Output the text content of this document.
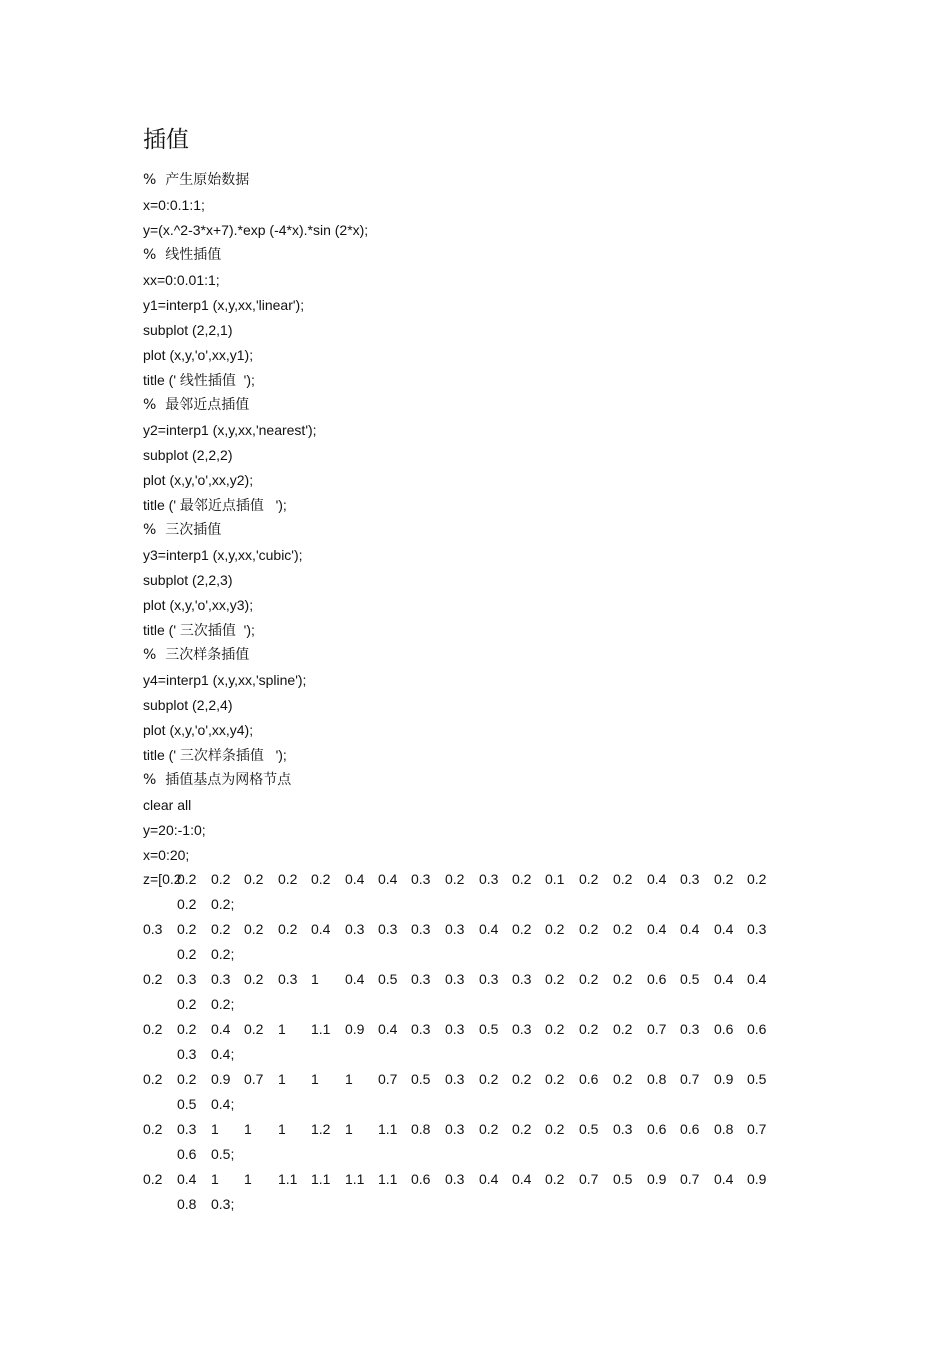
插值
%  产生原始数据
x=0:0.1:1;
y=(x.^2-3*x+7).*exp (-4*x).*sin (2*x);
%  线性插值
xx=0:0.01:1;
y1=interp1 (x,y,xx,'linear');
subplot (2,2,1)
plot (x,y,'o',xx,y1);
title (' 线性插值  ');
%  最邻近点插值
y2=interp1 (x,y,xx,'nearest');
subplot (2,2,2)
plot (x,y,'o',xx,y2);
title (' 最邻近点插值   ');
%  三次插值
y3=interp1 (x,y,xx,'cubic');
subplot (2,2,3)
plot (x,y,'o',xx,y3);
title (' 三次插值  ');
%  三次样条插值
y4=interp1 (x,y,xx,'spline');
subplot (2,2,4)
plot (x,y,'o',xx,y4);
title (' 三次样条插值   ');
%  插值基点为网格节点
clear all
y=20:-1:0;
x=0:20;
z=[0.2
0.2 0.2 0.2 0.2 0.2 0.4 0.4 0.3 0.2 0.3 0.2 0.1 0.2 0.2 0.4 0.3 0.2 0.2
0.2 0.2;
0.3 0.2 0.2 0.2 0.2 0.4 0.3 0.3 0.3 0.3 0.4 0.2 0.2 0.2 0.2 0.4 0.4 0.4 0.3
0.2 0.2;
0.2 0.3 0.3 0.2 0.3 1 0.4 0.5 0.3 0.3 0.3 0.3 0.2 0.2 0.2 0.6 0.5 0.4 0.4
0.2 0.2;
0.2 0.2 0.4 0.2 1 1.1 0.9 0.4 0.3 0.3 0.5 0.3 0.2 0.2 0.2 0.7 0.3 0.6 0.6
0.3 0.4;
0.2 0.2 0.9 0.7 1 1 1 0.7 0.5 0.3 0.2 0.2 0.2 0.6 0.2 0.8 0.7 0.9 0.5
0.5 0.4;
0.2 0.3 1 1 1 1.2 1 1.1 0.8 0.3 0.2 0.2 0.2 0.5 0.3 0.6 0.6 0.8 0.7
0.6 0.5;
0.2 0.4 1 1 1.1 1.1 1.1 1.1 0.6 0.3 0.4 0.4 0.2 0.7 0.5 0.9 0.7 0.4 0.9
0.8 0.3;
